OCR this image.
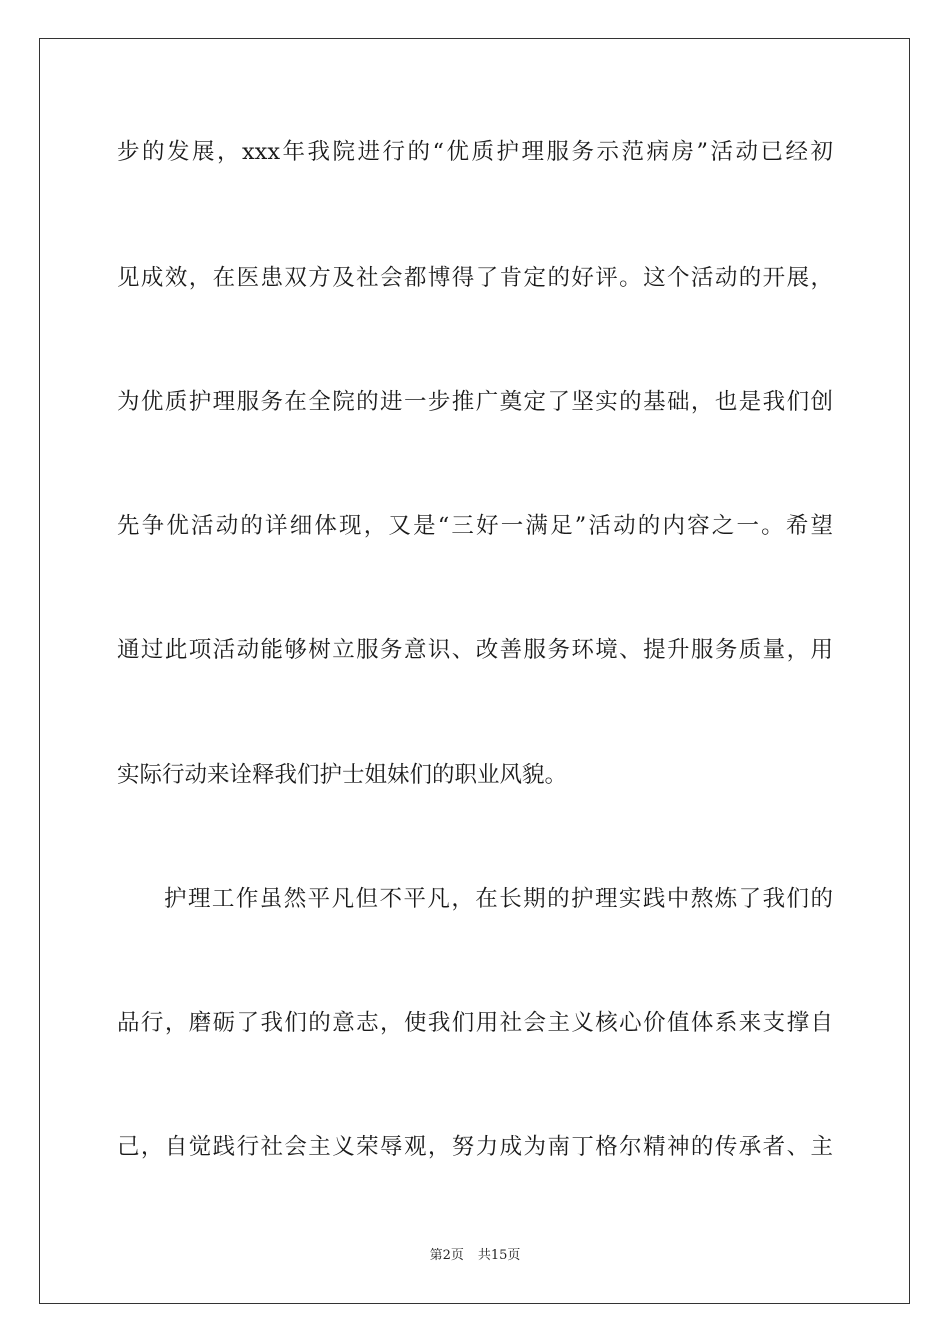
步的发展，xxx年我院进行的“优质护理服务示范病房”活动已经初
见成效，在医患双方及社会都博得了肯定的好评。这个活动的开展，
为优质护理服务在全院的进一步推广奠定了坚实的基础，也是我们创
先争优活动的详细体现，又是“三好一满足”活动的内容之一。希望
通过此项活动能够树立服务意识、改善服务环境、提升服务质量，用
实际行动来诠释我们护士姐妹们的职业风貌。
护理工作虽然平凡但不平凡，在长期的护理实践中熬炼了我们的
品行，磨砺了我们的意志，使我们用社会主义核心价值体系来支撑自
己，自觉践行社会主义荣辱观，努力成为南丁格尔精神的传承者、主
第2页 共15页
